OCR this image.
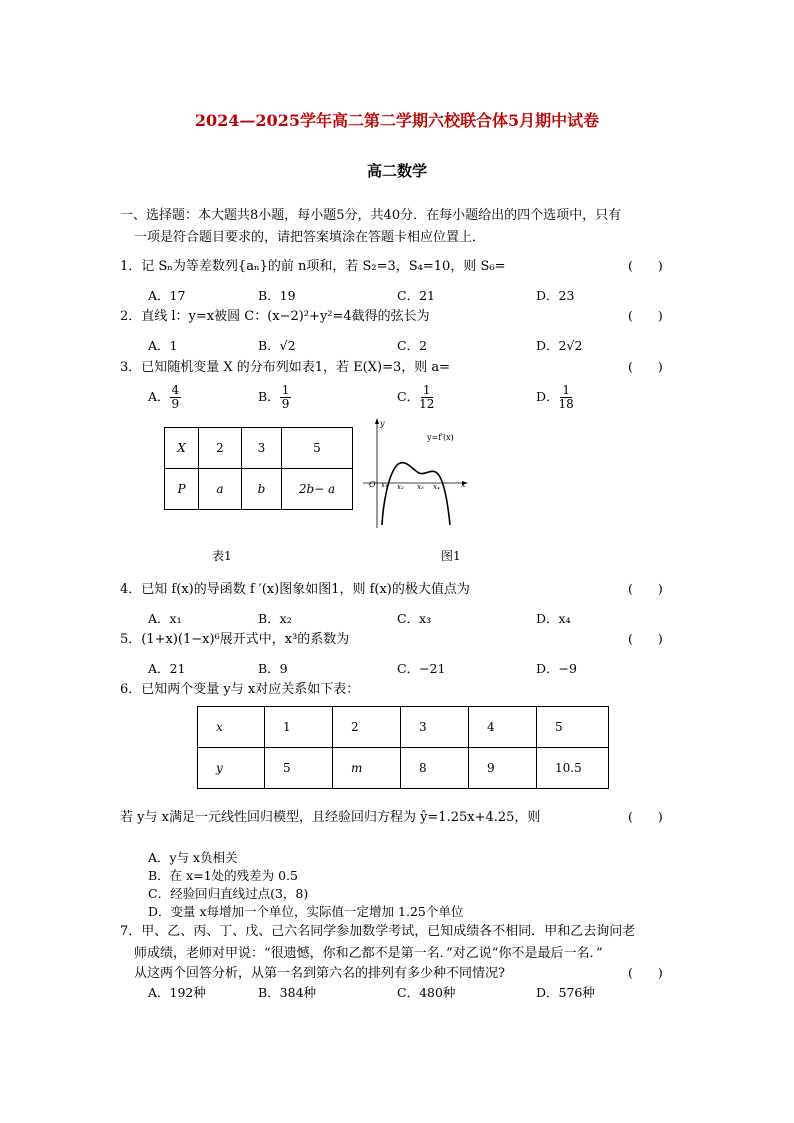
2024—2025学年高二第二学期六校联合体5月期中试卷
高二数学
一、选择题：本大题共8小题，每小题5分，共40分．在每小题给出的四个选项中，只有
一项是符合题目要求的，请把答案填涂在答题卡相应位置上．
1．记 Sₙ为等差数列{aₙ}的前 n项和，若 S₂=3，S₄=10，则 S₆=	(　　)
A．17	B．19	C．21	D．23
2．直线 l：y=x被圆 C：(x−2)²+y²=4截得的弦长为	(　　)
A．1	B．√2	C．2	D．2√2
3．已知随机变量 X 的分布列如表1，若 E(X)=3，则 a=	(　　)
A． $\frac{4}{9}$	B． $\frac{1}{9}$	C． $\frac{1}{12}$	D． $\frac{1}{18}$
X	2	3	5
P	a	b	2b− a
表1
y
x
y=f′(x)
O x₁ x₂ x₃ x₄
图1
4．已知 f(x)的导函数 f ′(x)图象如图1，则 f(x)的极大值点为	(　　)
A．x₁	B．x₂	C．x₃	D．x₄
5．(1+x)(1−x)⁶展开式中，x³的系数为	(　　)
A．21	B．9	C．−21	D．−9
6．已知两个变量 y与 x对应关系如下表：
x	1	2	3	4	5
y	5	m	8	9	10.5
若 y与 x满足一元线性回归模型，且经验回归方程为 ŷ=1.25x+4.25，则	(　　)
A．y与 x负相关
B．在 x=1处的残差为 0.5
C．经验回归直线过点(3，8)
D．变量 x每增加一个单位，实际值一定增加 1.25个单位
7．甲、乙、丙、丁、戊、己六名同学参加数学考试，已知成绩各不相同．甲和乙去询问老
师成绩，老师对甲说：“很遗憾，你和乙都不是第一名．”对乙说“你不是最后一名．”
从这两个回答分析，从第一名到第六名的排列有多少种不同情况?	(　　)
A．192种	B．384种	C．480种	D．576种
